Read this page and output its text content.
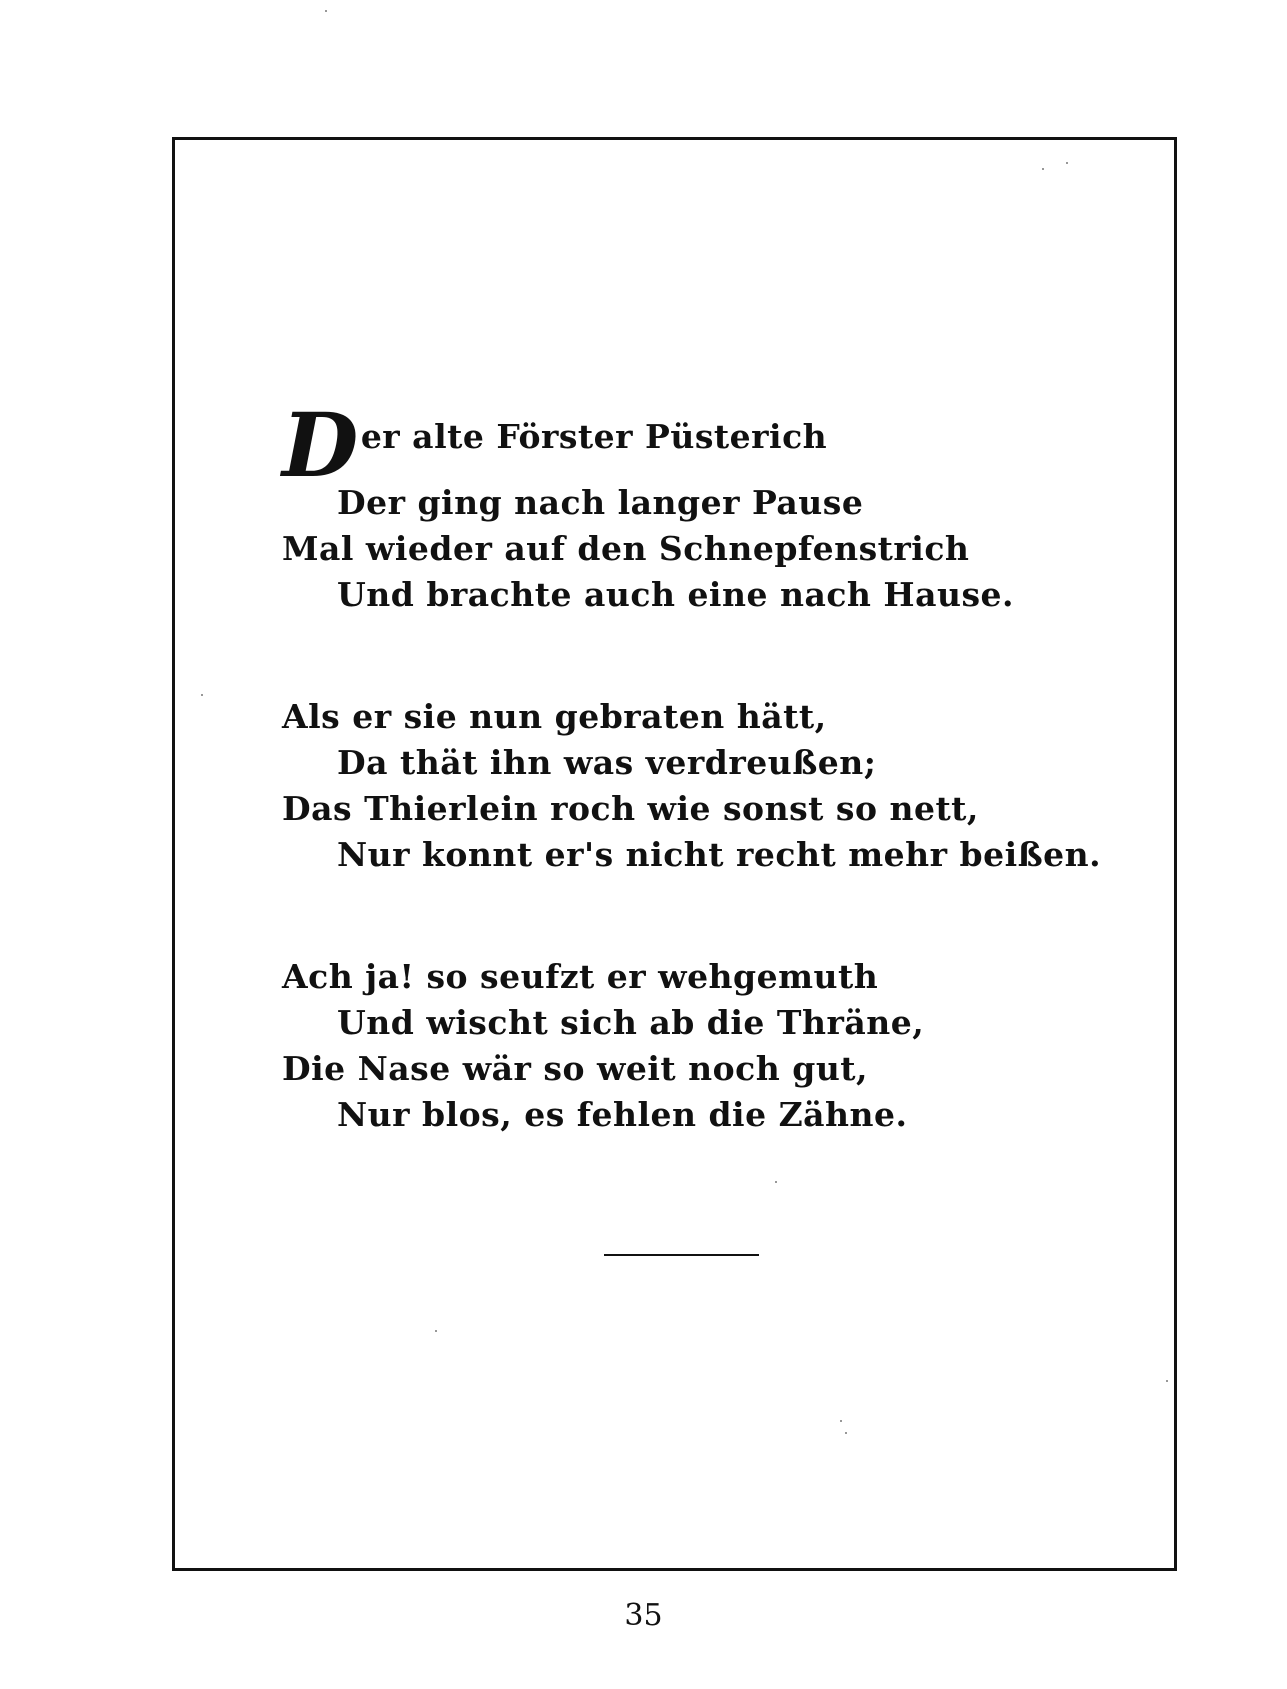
Der alte Förster Püsterich
Der ging nach langer Pause
Mal wieder auf den Schnepfenstrich
Und brachte auch eine nach Hause.
Als er sie nun gebraten hätt,
Da thät ihn was verdreußen;
Das Thierlein roch wie sonst so nett,
Nur konnt er's nicht recht mehr beißen.
Ach ja! so seufzt er wehgemuth
Und wischt sich ab die Thräne,
Die Nase wär so weit noch gut,
Nur blos, es fehlen die Zähne.
35
